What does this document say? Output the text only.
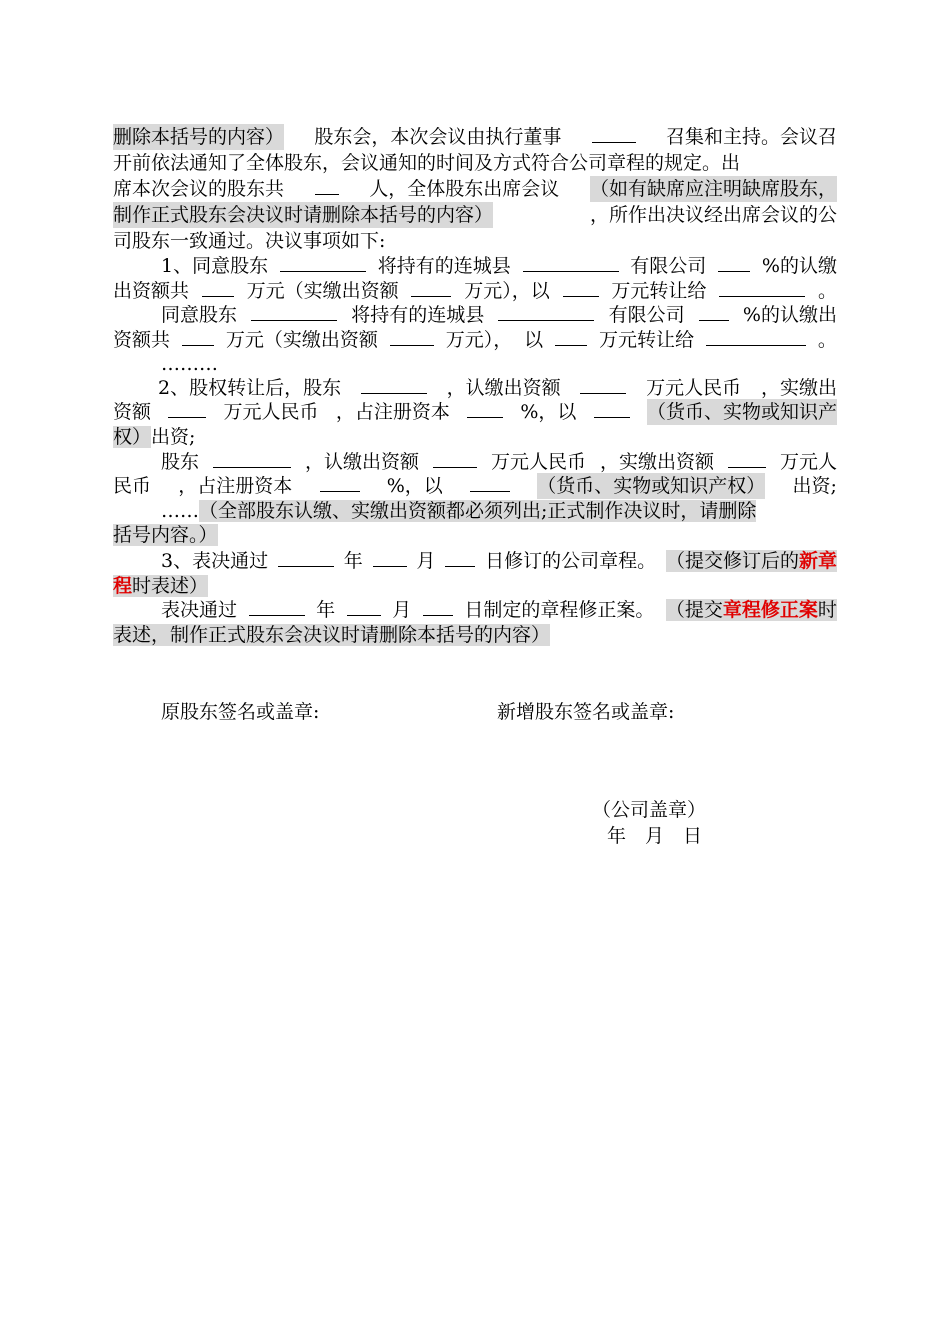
删除本括号的内容） 股东会，本次会议由执行董事	召集和主持。会议召
开前依法通知了全体股东，会议通知的时间及方式符合公司章程的规定。出
席本次会议的股东共	人，全体股东出席会议 （如有缺席应注明缺席股东，
制作正式股东会决议时请删除本括号的内容）	，所作出决议经出席会议的公
司股东一致通过。决议事项如下:
1、同意股东	将持有的连城县	有限公司	%的认缴
出资额共	万元（实缴出资额	万元），以	万元转让给	。
同意股东	将持有的连城县	有限公司	%的认缴出
资额共	万元（实缴出资额	万元）， 以	万元转让给	。
………
2、股权转让后，股东	，认缴出资额	万元人民币 ，实缴出
资额	万元人民币 ，占注册资本	%，以	（货币、实物或知识产
权）出资;
股东	，认缴出资额	万元人民币 ，实缴出资额	万元人
民币 ，占注册资本	%，以	（货币、实物或知识产权） 出资;
……（全部股东认缴、实缴出资额都必须列出;正式制作决议时，请删除
括号内容。）
3、表决通过	年	月	日修订的公司章程。 （提交修订后的新章
程时表述）
表决通过	年	月	日制定的章程修正案。 （提交章程修正案时
表述，制作正式股东会决议时请删除本括号的内容）
原股东签名或盖章:	新增股东签名或盖章:
（公司盖章）
年　月　日
